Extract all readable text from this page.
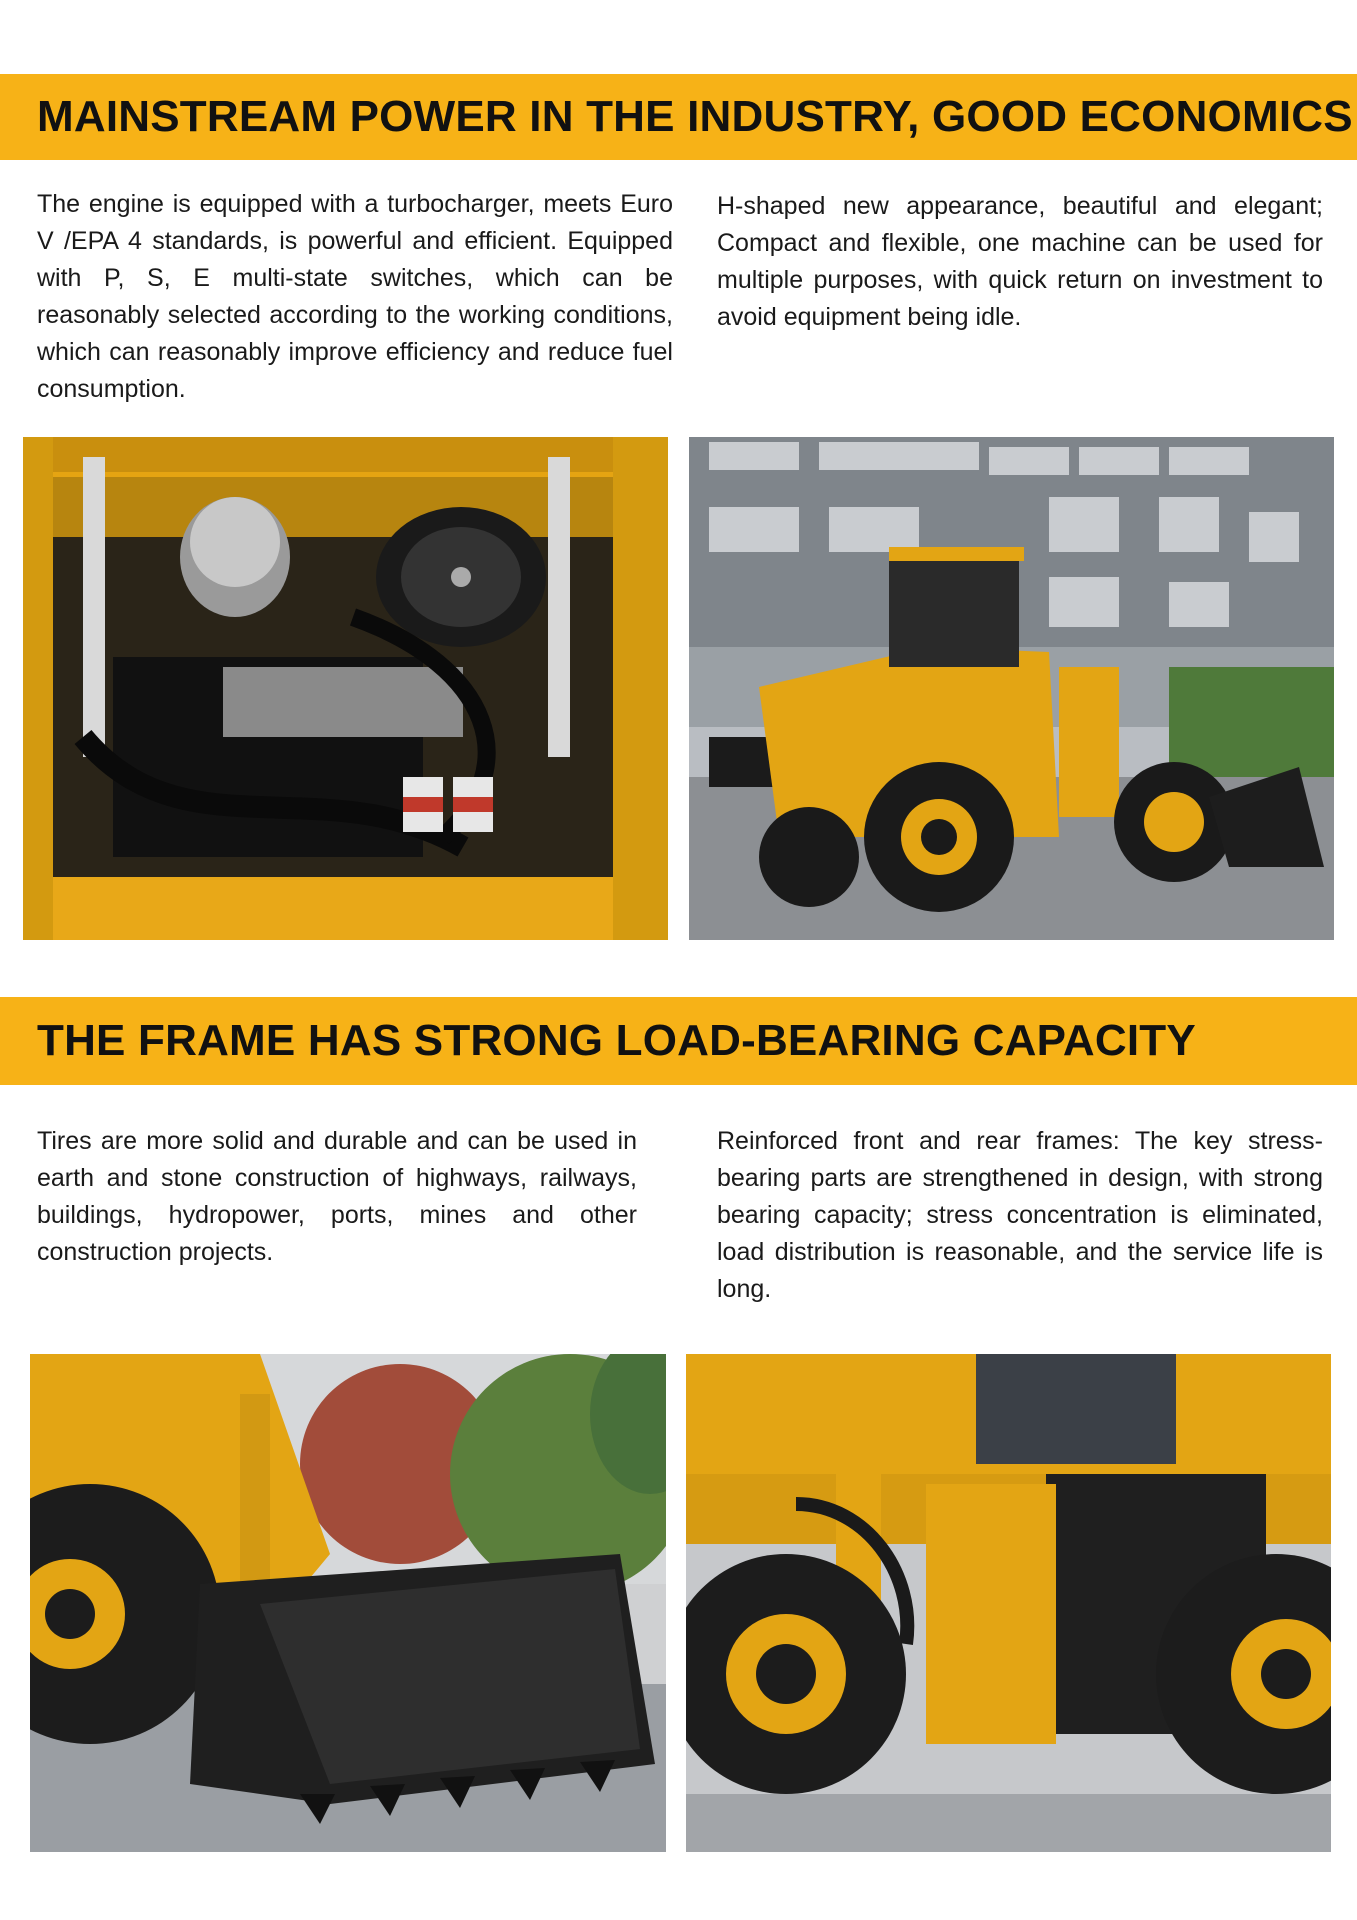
MAINSTREAM POWER IN THE INDUSTRY, GOOD ECONOMICS

The engine is equipped with a turbocharger, meets Euro V /EPA 4 standards, is powerful and efficient. Equipped with P, S, E multi-state switches, which can be reasonably selected according to the working conditions, which can reasonably improve efficiency and reduce fuel consumption.

H-shaped new appearance, beautiful and elegant; Compact and flexible, one machine can be used for multiple purposes, with quick return on investment to avoid equipment being idle.

THE FRAME HAS STRONG LOAD-BEARING CAPACITY

Tires are more solid and durable and can be used in earth and stone construction of highways, railways, buildings, hydropower, ports, mines and other construction projects.

Reinforced front and rear frames: The key stress-bearing parts are strengthened in design, with strong bearing capacity; stress concentration is eliminated, load distribution is reasonable, and the service life is long.
